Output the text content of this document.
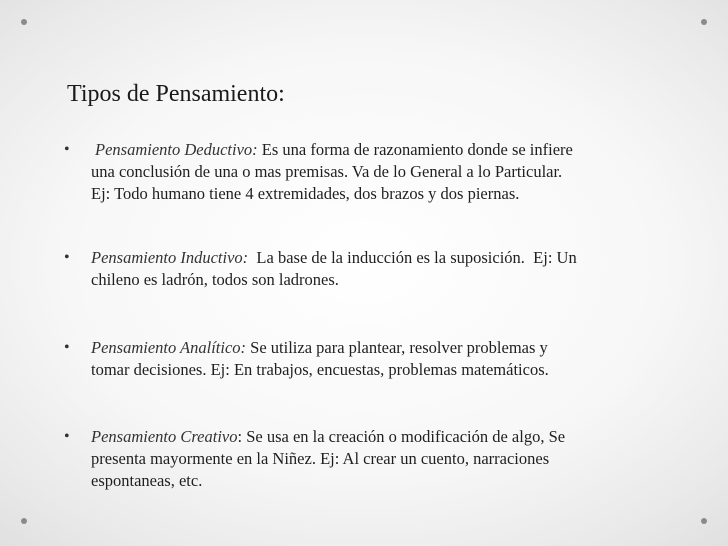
Tipos de Pensamiento:
• Pensamiento Deductivo: Es una forma de razonamiento donde se infiere
una conclusión de una o mas premisas. Va de lo General a lo Particular.
Ej: Todo humano tiene 4 extremidades, dos brazos y dos piernas.
• Pensamiento Inductivo:  La base de la inducción es la suposición.  Ej: Un
chileno es ladrón, todos son ladrones.
• Pensamiento Analítico: Se utiliza para plantear, resolver problemas y
tomar decisiones. Ej: En trabajos, encuestas, problemas matemáticos.
• Pensamiento Creativo: Se usa en la creación o modificación de algo, Se
presenta mayormente en la Niñez. Ej: Al crear un cuento, narraciones
espontaneas, etc.
